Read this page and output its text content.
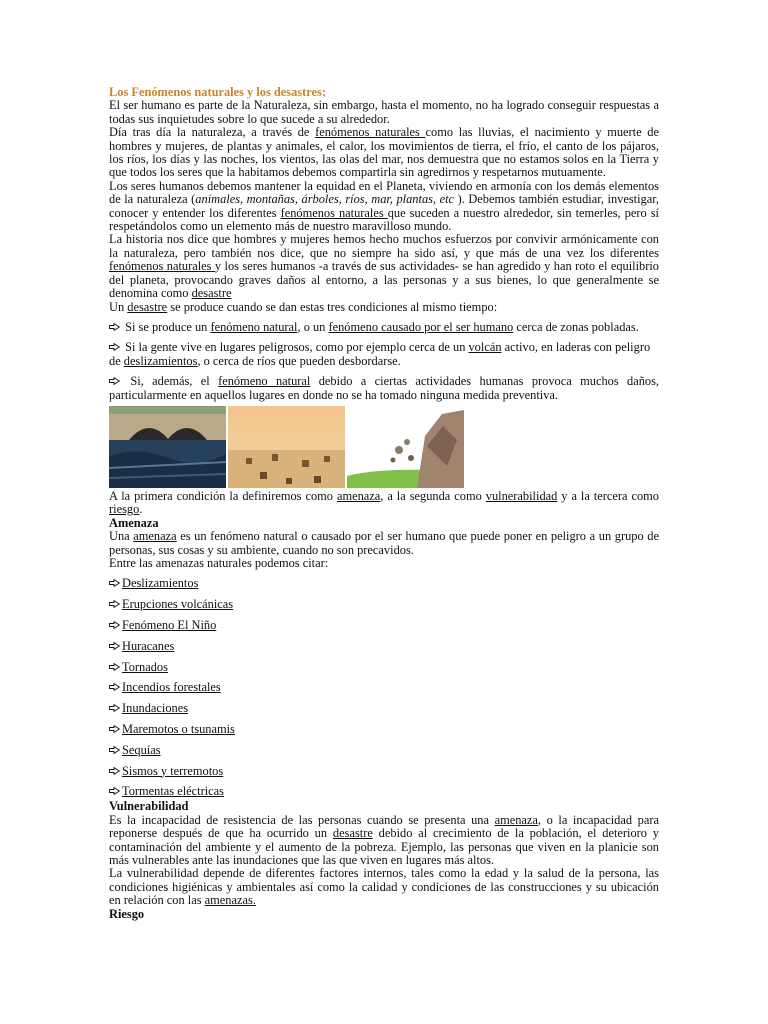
Los Fenómenos naturales y los desastres:

El ser humano es parte de la Naturaleza, sin embargo, hasta el momento, no ha logrado conseguir respuestas a todas sus inquietudes sobre lo que sucede a su alrededor.

Día tras día la naturaleza, a través de fenómenos naturales como las lluvias, el nacimiento y muerte de hombres y mujeres, de plantas y animales, el calor, los movimientos de tierra, el frío, el canto de los pájaros, los ríos, los días y las noches, los vientos, las olas del mar, nos demuestra que no estamos solos en la Tierra y que todos los seres que la habitamos debemos compartirla sin agredirnos y respetarnos mutuamente.

Los seres humanos debemos mantener la equidad en el Planeta, viviendo en armonía con los demás elementos de la naturaleza (animales, montañas, árboles, ríos, mar, plantas, etc ). Debemos también estudiar, investigar, conocer y entender los diferentes fenómenos naturales que suceden a nuestro alrededor, sin temerles, pero sí respetándolos como un elemento más de nuestro maravilloso mundo.

La historia nos dice que hombres y mujeres hemos hecho muchos esfuerzos por convivir armónicamente con la naturaleza, pero también nos dice, que no siempre ha sido así, y que más de una vez los diferentes fenómenos naturales y los seres humanos -a través de sus actividades- se han agredido y han roto el equilibrio del planeta, provocando graves daños al entorno, a las personas y a sus bienes, lo que generalmente se denomina como desastre

Un desastre se produce cuando se dan estas tres condiciones al mismo tiempo:

Si se produce un fenómeno natural, o un fenómeno causado por el ser humano cerca de zonas pobladas.

Si la gente vive en lugares peligrosos, como por ejemplo cerca de un volcán activo, en laderas con peligro de deslizamientos, o cerca de ríos que pueden desbordarse.

Si, además, el fenómeno natural debido a ciertas actividades humanas provoca muchos daños, particularmente en aquellos lugares en donde no se ha tomado ninguna medida preventiva.

A la primera condición la definiremos como amenaza, a la segunda como vulnerabilidad y a la tercera como riesgo.

Amenaza

Una amenaza es un fenómeno natural o causado por el ser humano que puede poner en peligro a un grupo de personas, sus cosas y su ambiente, cuando no son precavidos.

Entre las amenazas naturales podemos citar:

Deslizamientos
Erupciones volcánicas
Fenómeno El Niño
Huracanes
Tornados
Incendios forestales
Inundaciones
Maremotos o tsunamis
Sequías
Sismos y terremotos
Tormentas eléctricas

Vulnerabilidad

Es la incapacidad de resistencia de las personas cuando se presenta una amenaza, o la incapacidad para reponerse después de que ha ocurrido un desastre debido al crecimiento de la población, el deterioro y contaminación del ambiente y el aumento de la pobreza. Ejemplo, las personas que viven en la planicie son más vulnerables ante las inundaciones que las que viven en lugares más altos.

La vulnerabilidad depende de diferentes factores internos, tales como la edad y la salud de la persona, las condiciones higiénicas y ambientales así como la calidad y condiciones de las construcciones y su ubicación en relación con las amenazas.

Riesgo
